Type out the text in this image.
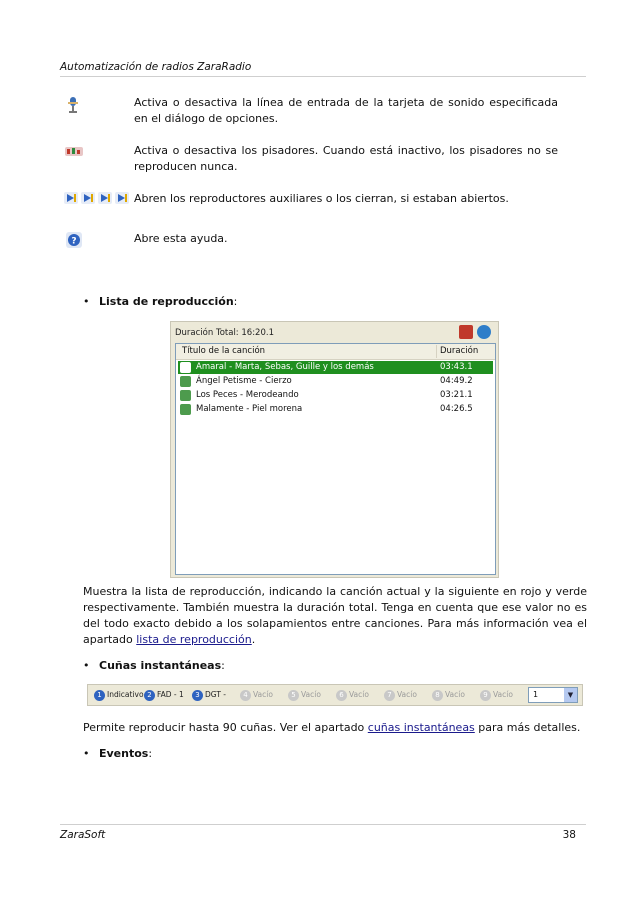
Automatización de radios ZaraRadio
Activa o desactiva la línea de entrada de la tarjeta de sonido especificada en el diálogo de opciones.
Activa o desactiva los pisadores. Cuando está inactivo, los pisadores no se reproducen nunca.
Abren los reproductores auxiliares o los cierran, si estaban abiertos.
?	Abre esta ayuda.
• Lista de reproducción:
Duración Total: 16:20.1
Título de la canción	Duración
Amaral - Marta, Sebas, Guille y los demás	03:43.1
Ángel Petisme - Cierzo	04:49.2
Los Peces - Merodeando	03:21.1
Malamente - Piel morena	04:26.5
Muestra la lista de reproducción, indicando la canción actual y la siguiente en rojo y verde respectivamente. También muestra la duración total. Tenga en cuenta que ese valor no es del todo exacto debido a los solapamientos entre canciones. Para más información vea el apartado lista de reproducción.
• Cuñas instantáneas:
1 Indicativo 2 FAD - 1	3 DGT -	4 Vacío	5 Vacío	6 Vacío	7 Vacío	8 Vacío	9 Vacío	1	▼
Permite reproducir hasta 90 cuñas. Ver el apartado cuñas instantáneas para más detalles.
• Eventos:
ZaraSoft	38
